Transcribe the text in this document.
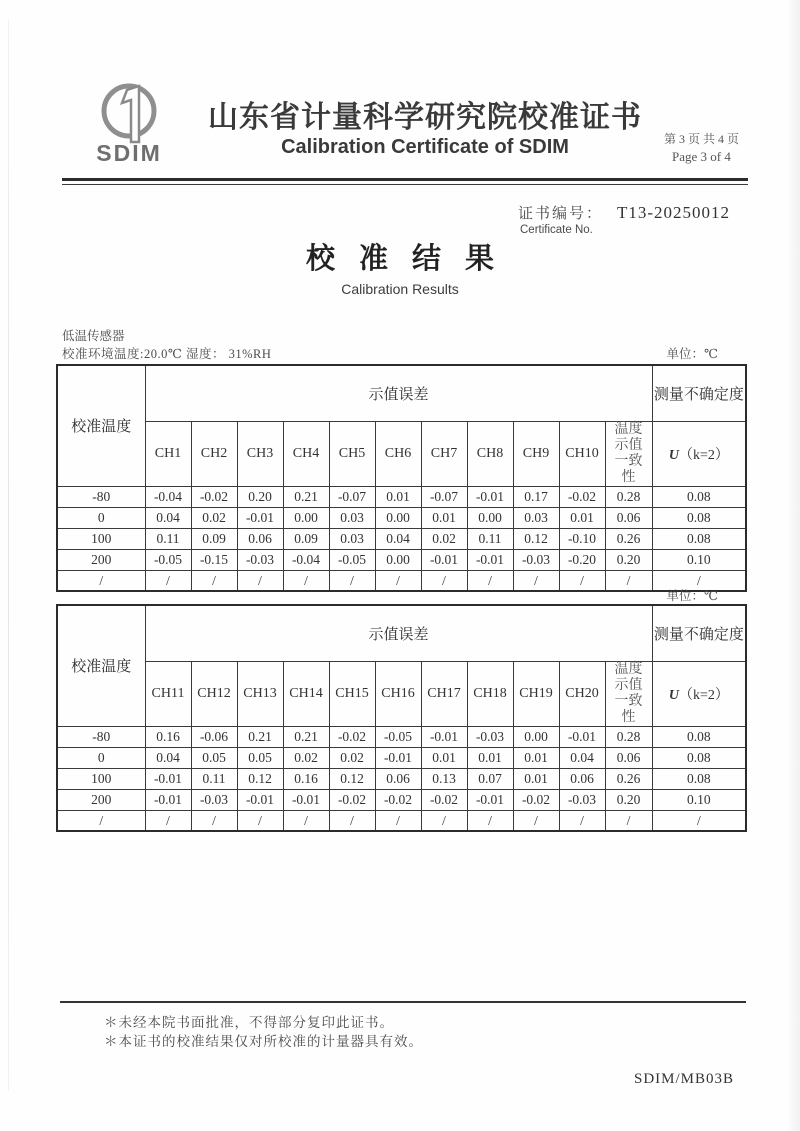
SDIM
山东省计量科学研究院校准证书
Calibration Certificate of SDIM	第 3 页 共 4 页
Page 3 of 4
证书编号： T13-20250012
Certificate No.
校准结果
Calibration Results
低温传感器
校准环境温度:20.0℃ 湿度： 31%RH	单位：℃
校准温度	示值误差											测量不确定度
	CH1	CH2	CH3	CH4	CH5	CH6	CH7	CH8	CH9	CH10	温度示值一致性	U（k=2）
-80	-0.04	-0.02	0.20	0.21	-0.07	0.01	-0.07	-0.01	0.17	-0.02	0.28	0.08
0	0.04	0.02	-0.01	0.00	0.03	0.00	0.01	0.00	0.03	0.01	0.06	0.08
100	0.11	0.09	0.06	0.09	0.03	0.04	0.02	0.11	0.12	-0.10	0.26	0.08
200	-0.05	-0.15	-0.03	-0.04	-0.05	0.00	-0.01	-0.01	-0.03	-0.20	0.20	0.10
/	/	/	/	/	/	/	/	/	/	/	/	/
单位：℃
校准温度	示值误差											测量不确定度
	CH11	CH12	CH13	CH14	CH15	CH16	CH17	CH18	CH19	CH20	温度示值一致性	U（k=2）
-80	0.16	-0.06	0.21	0.21	-0.02	-0.05	-0.01	-0.03	0.00	-0.01	0.28	0.08
0	0.04	0.05	0.05	0.02	0.02	-0.01	0.01	0.01	0.01	0.04	0.06	0.08
100	-0.01	0.11	0.12	0.16	0.12	0.06	0.13	0.07	0.01	0.06	0.26	0.08
200	-0.01	-0.03	-0.01	-0.01	-0.02	-0.02	-0.02	-0.01	-0.02	-0.03	0.20	0.10
/	/	/	/	/	/	/	/	/	/	/	/	/
＊未经本院书面批准，不得部分复印此证书。
＊本证书的校准结果仅对所校准的计量器具有效。
SDIM/MB03B
